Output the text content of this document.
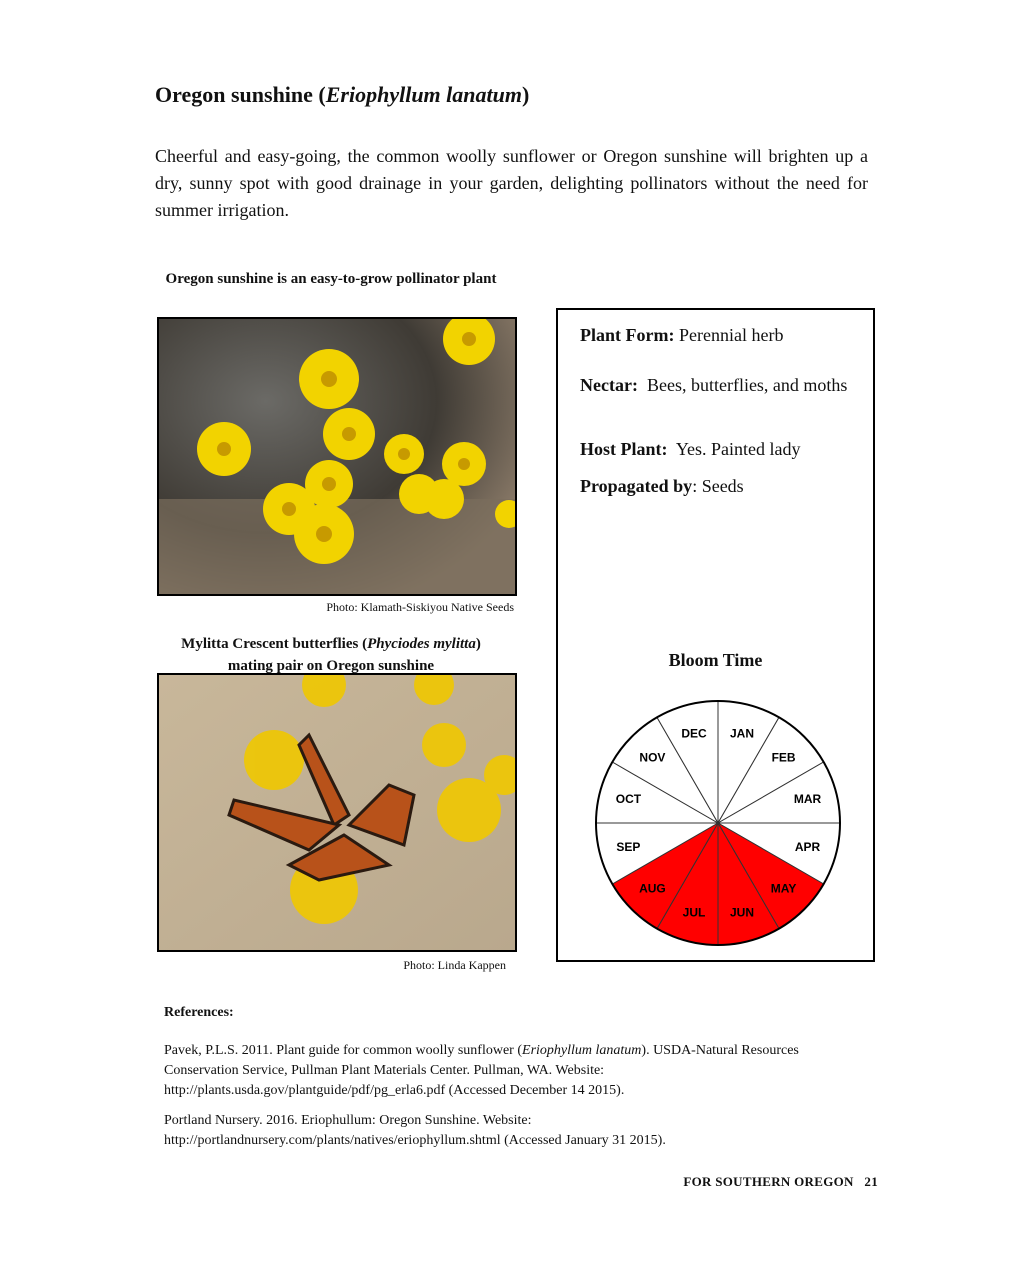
Oregon sunshine (Eriophyllum lanatum)
Cheerful and easy-going, the common woolly sunflower or Oregon sunshine will brighten up a dry, sunny spot with good drainage in your garden, delighting pollinators without the need for summer irrigation.
Oregon sunshine is an easy-to-grow pollinator plant
Photo: Klamath-Siskiyou Native Seeds
Mylitta Crescent butterflies (Phyciodes mylitta)
mating pair on Oregon sunshine
Photo: Linda Kappen
Plant Form: Perennial herb
Nectar:  Bees, butterflies, and moths
Host Plant:  Yes. Painted lady
Propagated by: Seeds
Bloom Time
JAN
FEB
MAR
APR
MAY
JUN
JUL
AUG
SEP
OCT
NOV
DEC

References:

Pavek, P.L.S. 2011. Plant guide for common woolly sunflower (Eriophyllum lanatum). USDA-Natural Resources Conservation Service, Pullman Plant Materials Center. Pullman, WA. Website: http://plants.usda.gov/plantguide/pdf/pg_erla6.pdf (Accessed December 14 2015).

Portland Nursery. 2016. Eriophullum: Oregon Sunshine. Website: http://portlandnursery.com/plants/natives/eriophyllum.shtml (Accessed January 31 2015).

FOR SOUTHERN OREGON 21
